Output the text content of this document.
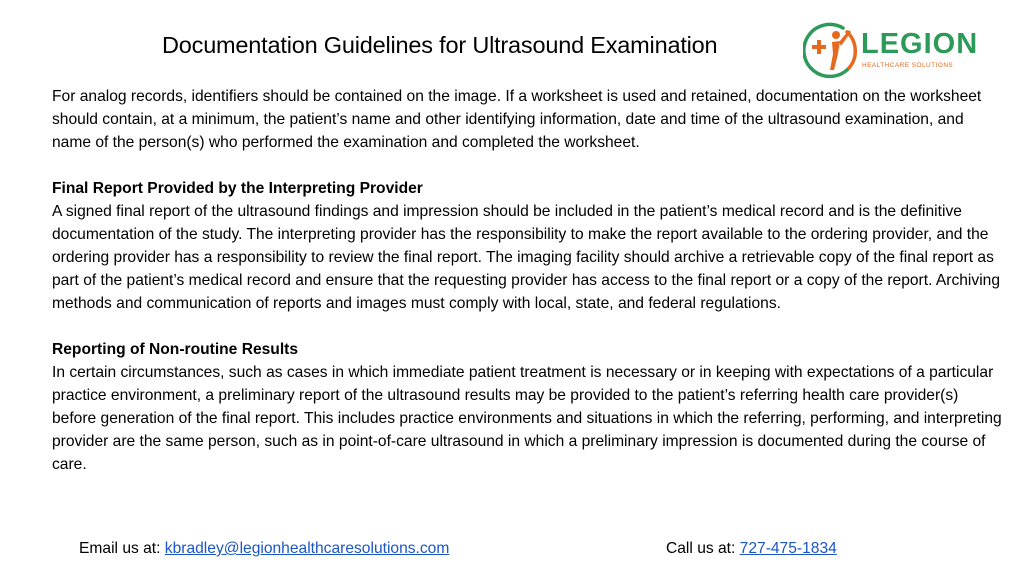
Documentation Guidelines for Ultrasound Examination	LEGION
HEALTHCARE SOLUTIONS

For analog records, identifiers should be contained on the image. If a worksheet is used and retained, documentation on the worksheet should contain, at a minimum, the patient’s name and other identifying information, date and time of the ultrasound examination, and name of the person(s) who performed the examination and completed the worksheet.

Final Report Provided by the Interpreting Provider
A signed final report of the ultrasound findings and impression should be included in the patient’s medical record and is the definitive documentation of the study. The interpreting provider has the responsibility to make the report available to the ordering provider, and the ordering provider has a responsibility to review the final report. The imaging facility should archive a retrievable copy of the final report as part of the patient’s medical record and ensure that the requesting provider has access to the final report or a copy of the report. Archiving methods and communication of reports and images must comply with local, state, and federal regulations.

Reporting of Non-routine Results
In certain circumstances, such as cases in which immediate patient treatment is necessary or in keeping with expectations of a particular practice environment, a preliminary report of the ultrasound results may be provided to the patient’s referring health care provider(s) before generation of the final report. This includes practice environments and situations in which the referring, performing, and interpreting provider are the same person, such as in point-of-care ultrasound in which a preliminary impression is documented during the course of care.

Email us at: kbradley@legionhealthcaresolutions.com	Call us at: 727-475-1834
